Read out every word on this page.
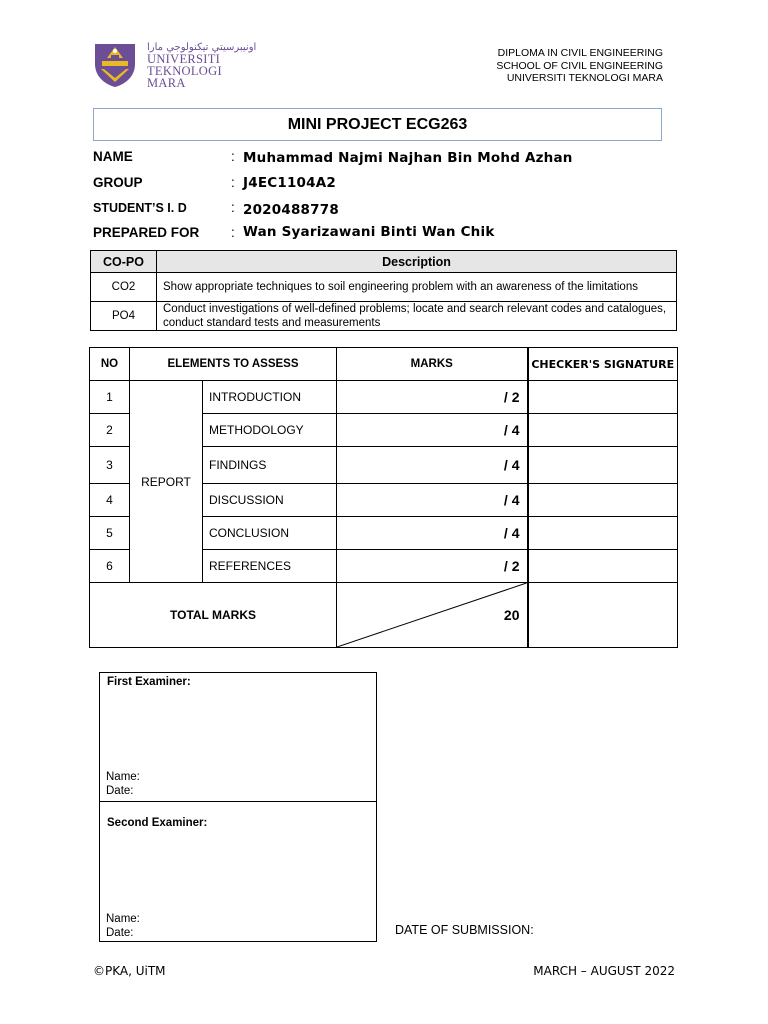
ﺍﻭﻧﻴﺒﺮﺳﻴﺘﻲ ﺗﻴﻜﻨﻮﻟﻮﺟﻲ ﻣﺎﺭﺍ
UNIVERSITI
TEKNOLOGI
MARA
DIPLOMA IN CIVIL ENGINEERING
SCHOOL OF CIVIL ENGINEERING
UNIVERSITI TEKNOLOGI MARA
MINI PROJECT ECG263
NAME	: Muhammad Najmi Najhan Bin Mohd Azhan
GROUP	: J4EC1104A2
STUDENT’S I. D	: 2020488778
PREPARED FOR : Wan Syarizawani Binti Wan Chik
CO-PO	Description
CO2	Show appropriate techniques to soil engineering problem with an awareness of the limitations
PO4	Conduct investigations of well-defined problems; locate and search relevant codes and catalogues, conduct standard tests and measurements
NO	ELEMENTS TO ASSESS		MARKS	CHECKER'S SIGNATURE
1	REPORT	INTRODUCTION	/ 2	
2		METHODOLOGY	/ 4	
3		FINDINGS	/ 4	
4		DISCUSSION	/ 4	
5		CONCLUSION	/ 4	
6		REFERENCES	/ 2	
TOTAL MARKS			20	
First Examiner:
Name:
Date:
Second Examiner:
Name:
Date:	DATE OF SUBMISSION:
©PKA, UiTM	MARCH – AUGUST 2022
